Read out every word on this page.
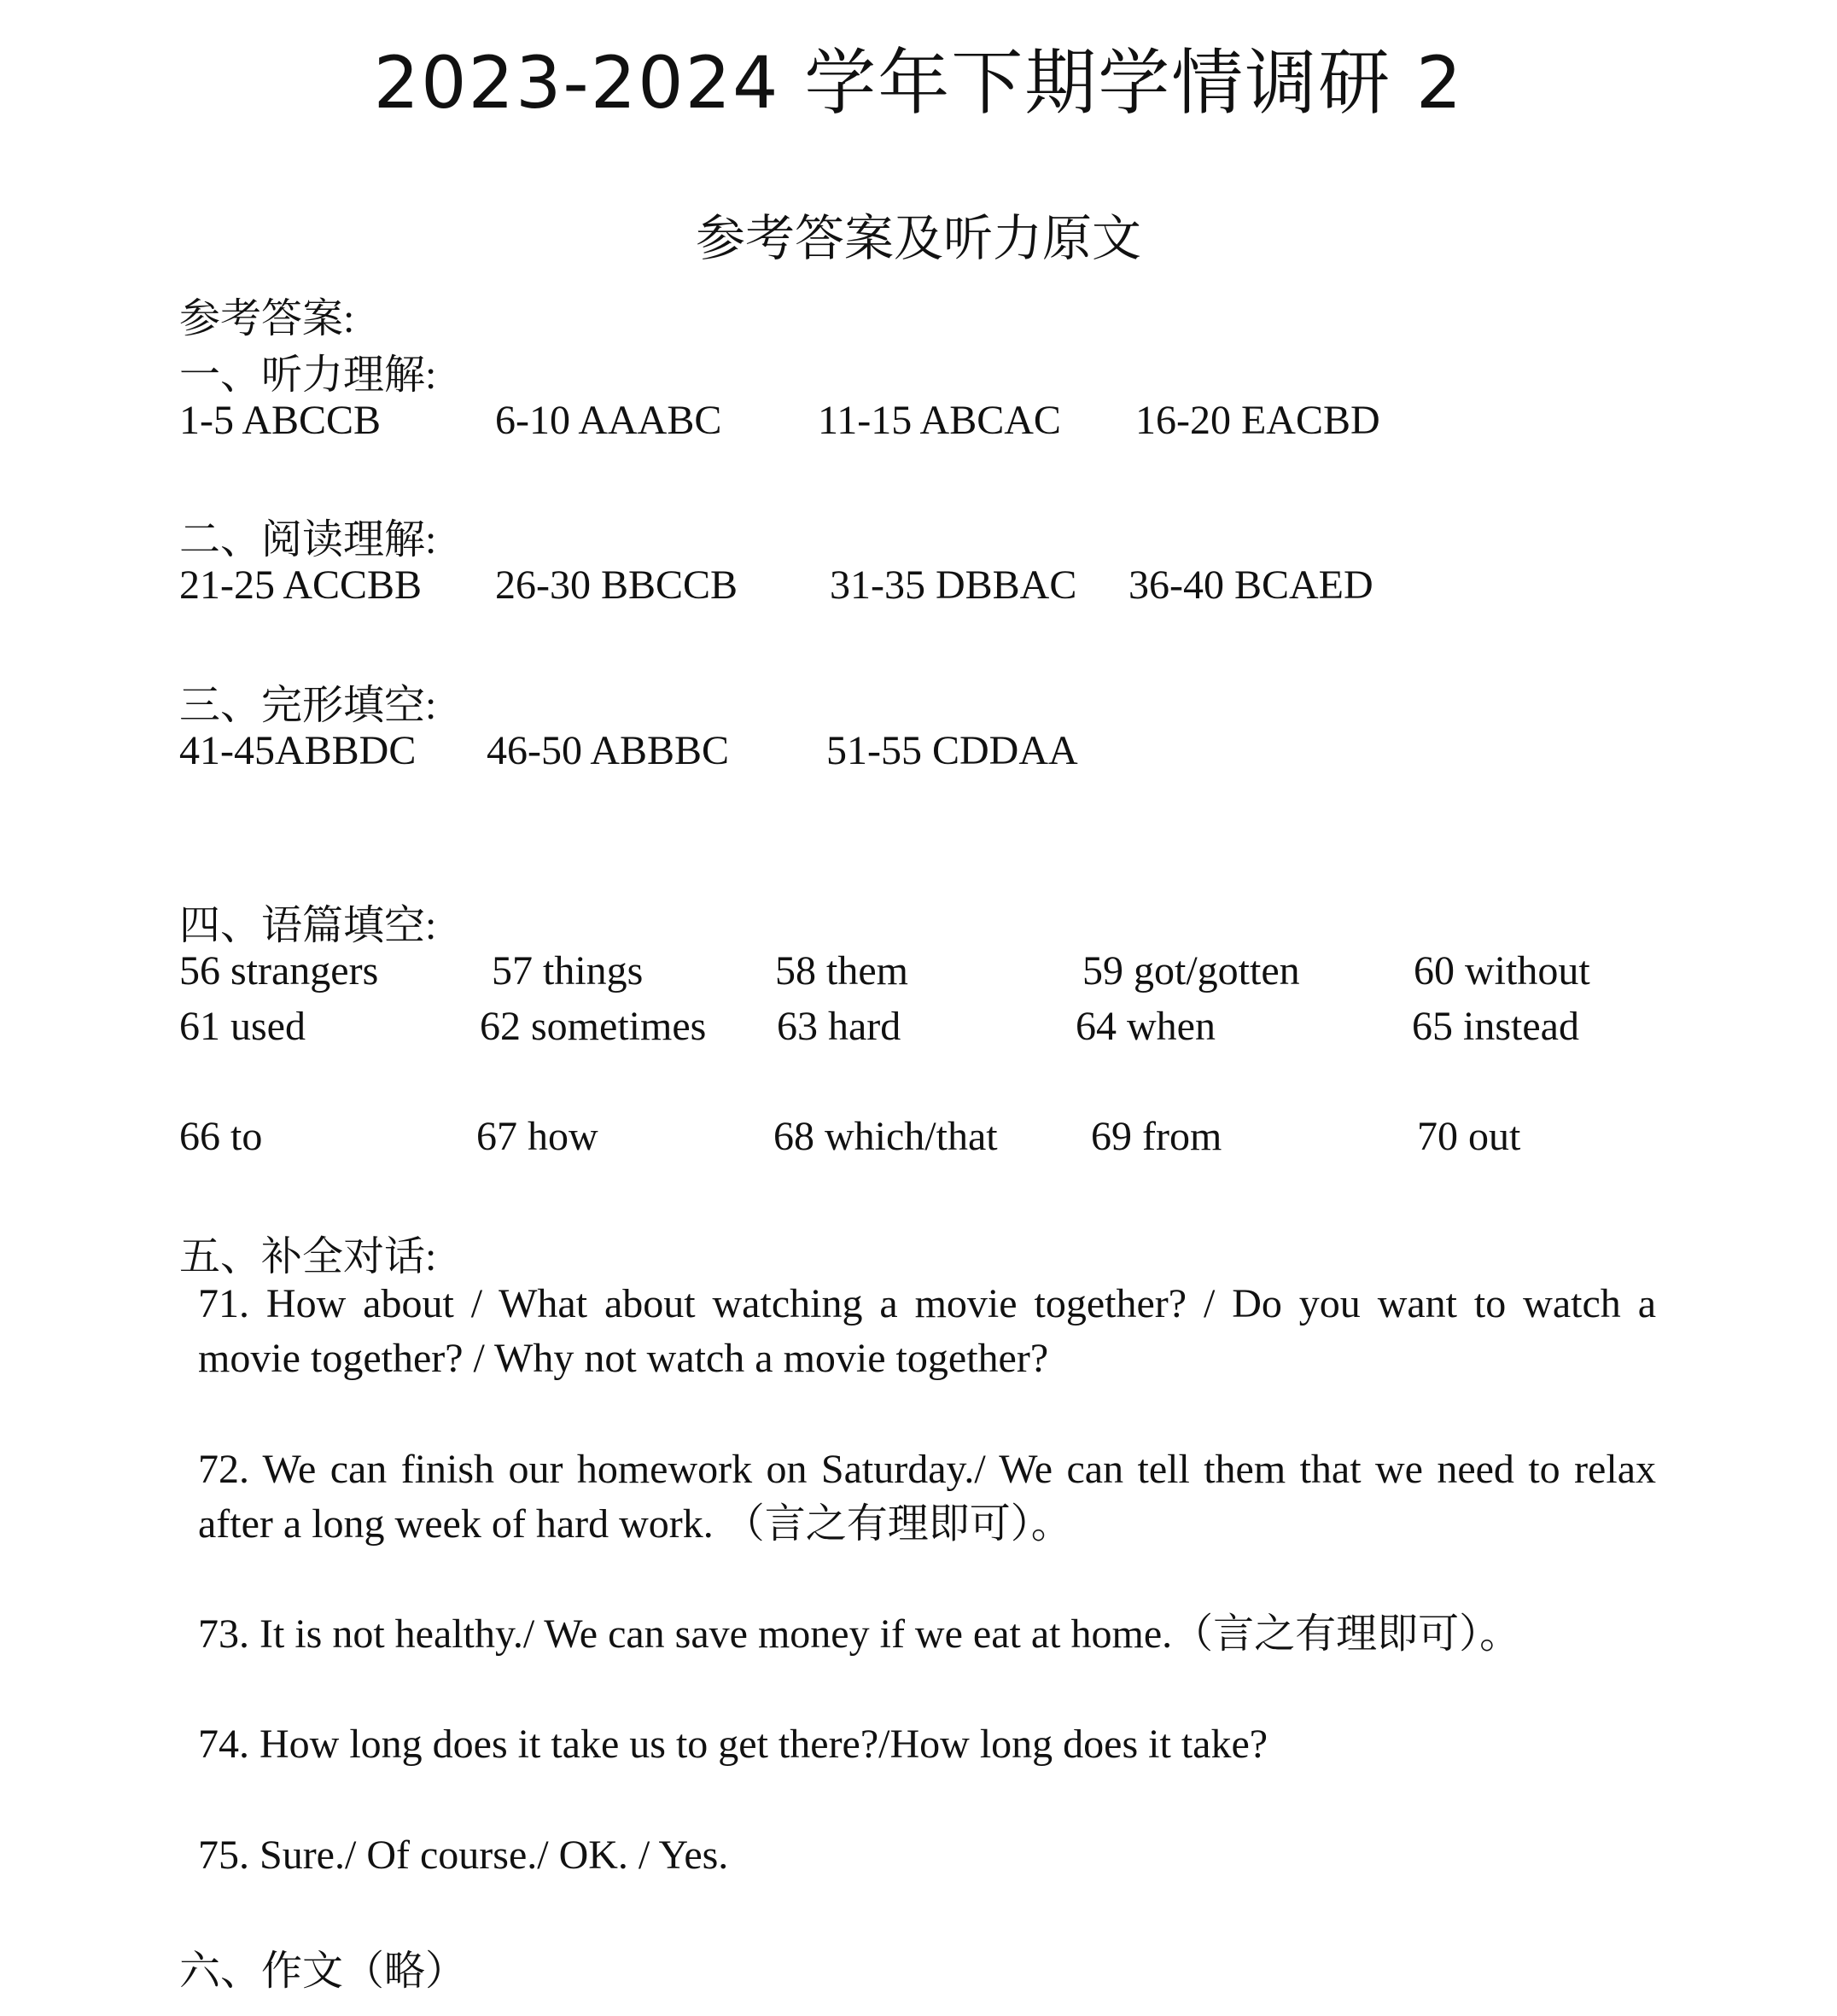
2023-2024 学年下期学情调研 2
参考答案及听力原文
参考答案:
一、听力理解:
1-5 ABCCB	6-10 AAABC 11-15 ABCAC 16-20 EACBD
二、阅读理解:
21-25 ACCBB 26-30 BBCCB 31-35 DBBAC 36-40 BCAED
三、完形填空:
41-45ABBDC 46-50 ABBBC 51-55 CDDAA
四、语篇填空:
56 strangers	57 things	58 them	59 got/gotten	60 without
61 used	62 sometimes 63 hard	64 when	65 instead
66 to	67 how	68 which/that 69 from	70 out
五、补全对话:
71. How about / What about watching a movie together? / Do you want to watch a movie together? / Why not watch a movie together?
72. We can finish our homework on Saturday./ We can tell them that we need to relax after a long week of hard work. （言之有理即可）。
73. It is not healthy./ We can save money if we eat at home.（言之有理即可）。
74. How long does it take us to get there?/How long does it take?
75. Sure./ Of course./ OK. / Yes.
六、作文（略）
